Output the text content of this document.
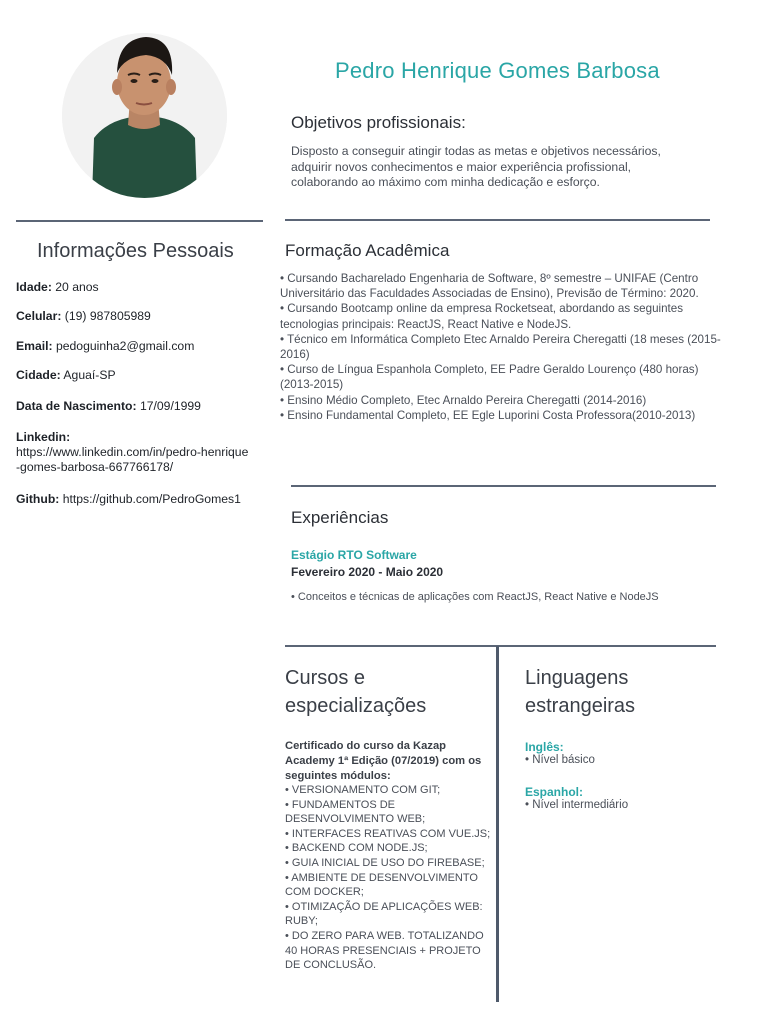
Pedro Henrique Gomes Barbosa
Objetivos profissionais:
Disposto a conseguir atingir todas as metas e objetivos necessários, adquirir novos conhecimentos e maior experiência profissional, colaborando ao máximo com minha dedicação e esforço.
Informações Pessoais
Idade: 20 anos
Celular: (19) 987805989
Email: pedoguinha2@gmail.com
Cidade: Aguaí-SP
Data de Nascimento: 17/09/1999
Linkedin:
https://www.linkedin.com/in/pedro-henrique-gomes-barbosa-667766178/
Github: https://github.com/PedroGomes1
Formação Acadêmica
• Cursando Bacharelado Engenharia de Software, 8º semestre – UNIFAE (Centro Universitário das Faculdades Associadas de Ensino), Previsão de Término: 2020.
• Cursando Bootcamp online da empresa Rocketseat, abordando as seguintes tecnologias principais: ReactJS, React Native e NodeJS.
• Técnico em Informática Completo Etec Arnaldo Pereira Cheregatti (18 meses (2015-2016)
• Curso de Língua Espanhola Completo, EE Padre Geraldo Lourenço (480 horas) (2013-2015)
• Ensino Médio Completo, Etec Arnaldo Pereira Cheregatti (2014-2016)
• Ensino Fundamental Completo, EE Egle Luporini Costa Professora(2010-2013)
Experiências
Estágio RTO Software
Fevereiro 2020 - Maio 2020
• Conceitos e técnicas de aplicações com ReactJS, React Native e NodeJS
Cursos e
especializações
Certificado do curso da Kazap Academy 1ª Edição (07/2019) com os seguintes módulos:
• VERSIONAMENTO COM GIT;
• FUNDAMENTOS DE DESENVOLVIMENTO WEB;
• INTERFACES REATIVAS COM VUE.JS;
• BACKEND COM NODE.JS;
• GUIA INICIAL DE USO DO FIREBASE;
• AMBIENTE DE DESENVOLVIMENTO COM DOCKER;
• OTIMIZAÇÃO DE APLICAÇÕES WEB: RUBY;
• DO ZERO PARA WEB. TOTALIZANDO 40 HORAS PRESENCIAIS + PROJETO DE CONCLUSÃO.
Linguagens
estrangeiras
Inglês:
• Nível básico
Espanhol:
• Nível intermediário
